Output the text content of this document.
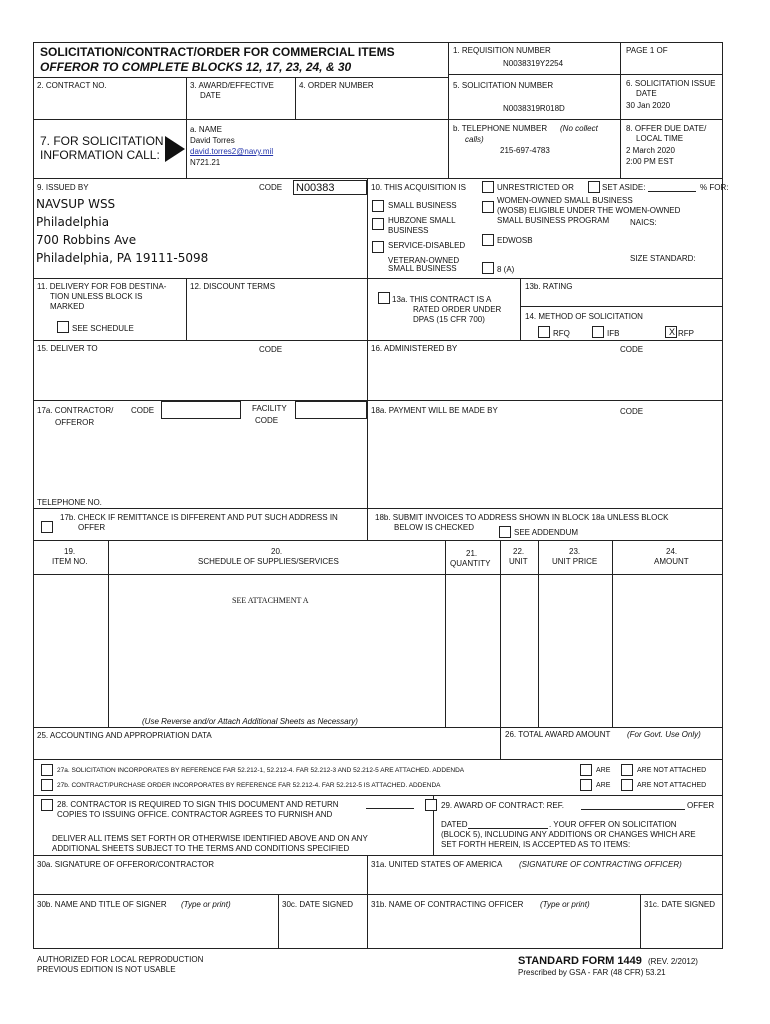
SOLICITATION/CONTRACT/ORDER FOR COMMERCIAL ITEMS
OFFEROR TO COMPLETE BLOCKS 12, 17, 23, 24, & 30
1. REQUISITION NUMBER
N0038319Y2254
PAGE 1 OF
2. CONTRACT NO.	3. AWARD/EFFECTIVE
DATE
4. ORDER NUMBER	5. SOLICITATION NUMBER
N0038319R018D
6. SOLICITATION ISSUE
DATE
30 Jan 2020
7. FOR SOLICITATION
INFORMATION CALL:
a. NAME
David Torres
david.torres2@navy.mil
N721.21
b. TELEPHONE NUMBER (No collect
calls)
215-697-4783
8. OFFER DUE DATE/
LOCAL TIME
2 March 2020
2:00 PM EST
9. ISSUED BY	CODE N00383
NAVSUP WSS
Philadelphia
700 Robbins Ave
Philadelphia, PA 19111-5098
10. THIS ACQUISITION IS	UNRESTRICTED OR	SET ASIDE:	% FOR:
SMALL BUSINESS
HUBZONE SMALL
BUSINESS
SERVICE-DISABLED
VETERAN-OWNED
SMALL BUSINESS
WOMEN-OWNED SMALL BUSINESS
(WOSB) ELIGIBLE UNDER THE WOMEN-OWNED
SMALL BUSINESS PROGRAM	NAICS:
EDWOSB
SIZE STANDARD:
8 (A)
11. DELIVERY FOR FOB DESTINA-
TION UNLESS BLOCK IS
MARKED
SEE SCHEDULE
12. DISCOUNT TERMS
13a. THIS CONTRACT IS A
RATED ORDER UNDER
DPAS (15 CFR 700)
13b. RATING
14. METHOD OF SOLICITATION
RFQ	IFB	X RFP
15. DELIVER TO	CODE	16. ADMINISTERED BY	CODE
17a. CONTRACTOR/
OFFEROR
CODE	FACILITY
CODE
TELEPHONE NO.
17b. CHECK IF REMITTANCE IS DIFFERENT AND PUT SUCH ADDRESS IN
OFFER
18a. PAYMENT WILL BE MADE BY	CODE
18b. SUBMIT INVOICES TO ADDRESS SHOWN IN BLOCK 18a UNLESS BLOCK
BELOW IS CHECKED
SEE ADDENDUM
19.
ITEM NO.
20.
SCHEDULE OF SUPPLIES/SERVICES
21.
QUANTITY
22.
UNIT
23.
UNIT PRICE
24.
AMOUNT
SEE ATTACHMENT A
(Use Reverse and/or Attach Additional Sheets as Necessary)
25. ACCOUNTING AND APPROPRIATION DATA	26. TOTAL AWARD AMOUNT (For Govt. Use Only)
27a. SOLICITATION INCORPORATES BY REFERENCE FAR 52.212-1, 52.212-4. FAR 52.212-3 AND 52.212-5 ARE ATTACHED. ADDENDA	ARE	ARE NOT ATTACHED
27b. CONTRACT/PURCHASE ORDER INCORPORATES BY REFERENCE FAR 52.212-4. FAR 52.212-5 IS ATTACHED. ADDENDA	ARE	ARE NOT ATTACHED
28. CONTRACTOR IS REQUIRED TO SIGN THIS DOCUMENT AND RETURN
COPIES TO ISSUING OFFICE. CONTRACTOR AGREES TO FURNISH AND
DELIVER ALL ITEMS SET FORTH OR OTHERWISE IDENTIFIED ABOVE AND ON ANY
ADDITIONAL SHEETS SUBJECT TO THE TERMS AND CONDITIONS SPECIFIED
29. AWARD OF CONTRACT: REF.	OFFER
DATED	. YOUR OFFER ON SOLICITATION
(BLOCK 5), INCLUDING ANY ADDITIONS OR CHANGES WHICH ARE
SET FORTH HEREIN, IS ACCEPTED AS TO ITEMS:
30a. SIGNATURE OF OFFEROR/CONTRACTOR	31a. UNITED STATES OF AMERICA (SIGNATURE OF CONTRACTING OFFICER)
30b. NAME AND TITLE OF SIGNER (Type or print)	30c. DATE SIGNED 31b. NAME OF CONTRACTING OFFICER (Type or print)	31c. DATE SIGNED
AUTHORIZED FOR LOCAL REPRODUCTION
PREVIOUS EDITION IS NOT USABLE
STANDARD FORM 1449 (REV. 2/2012)
Prescribed by GSA - FAR (48 CFR) 53.21
